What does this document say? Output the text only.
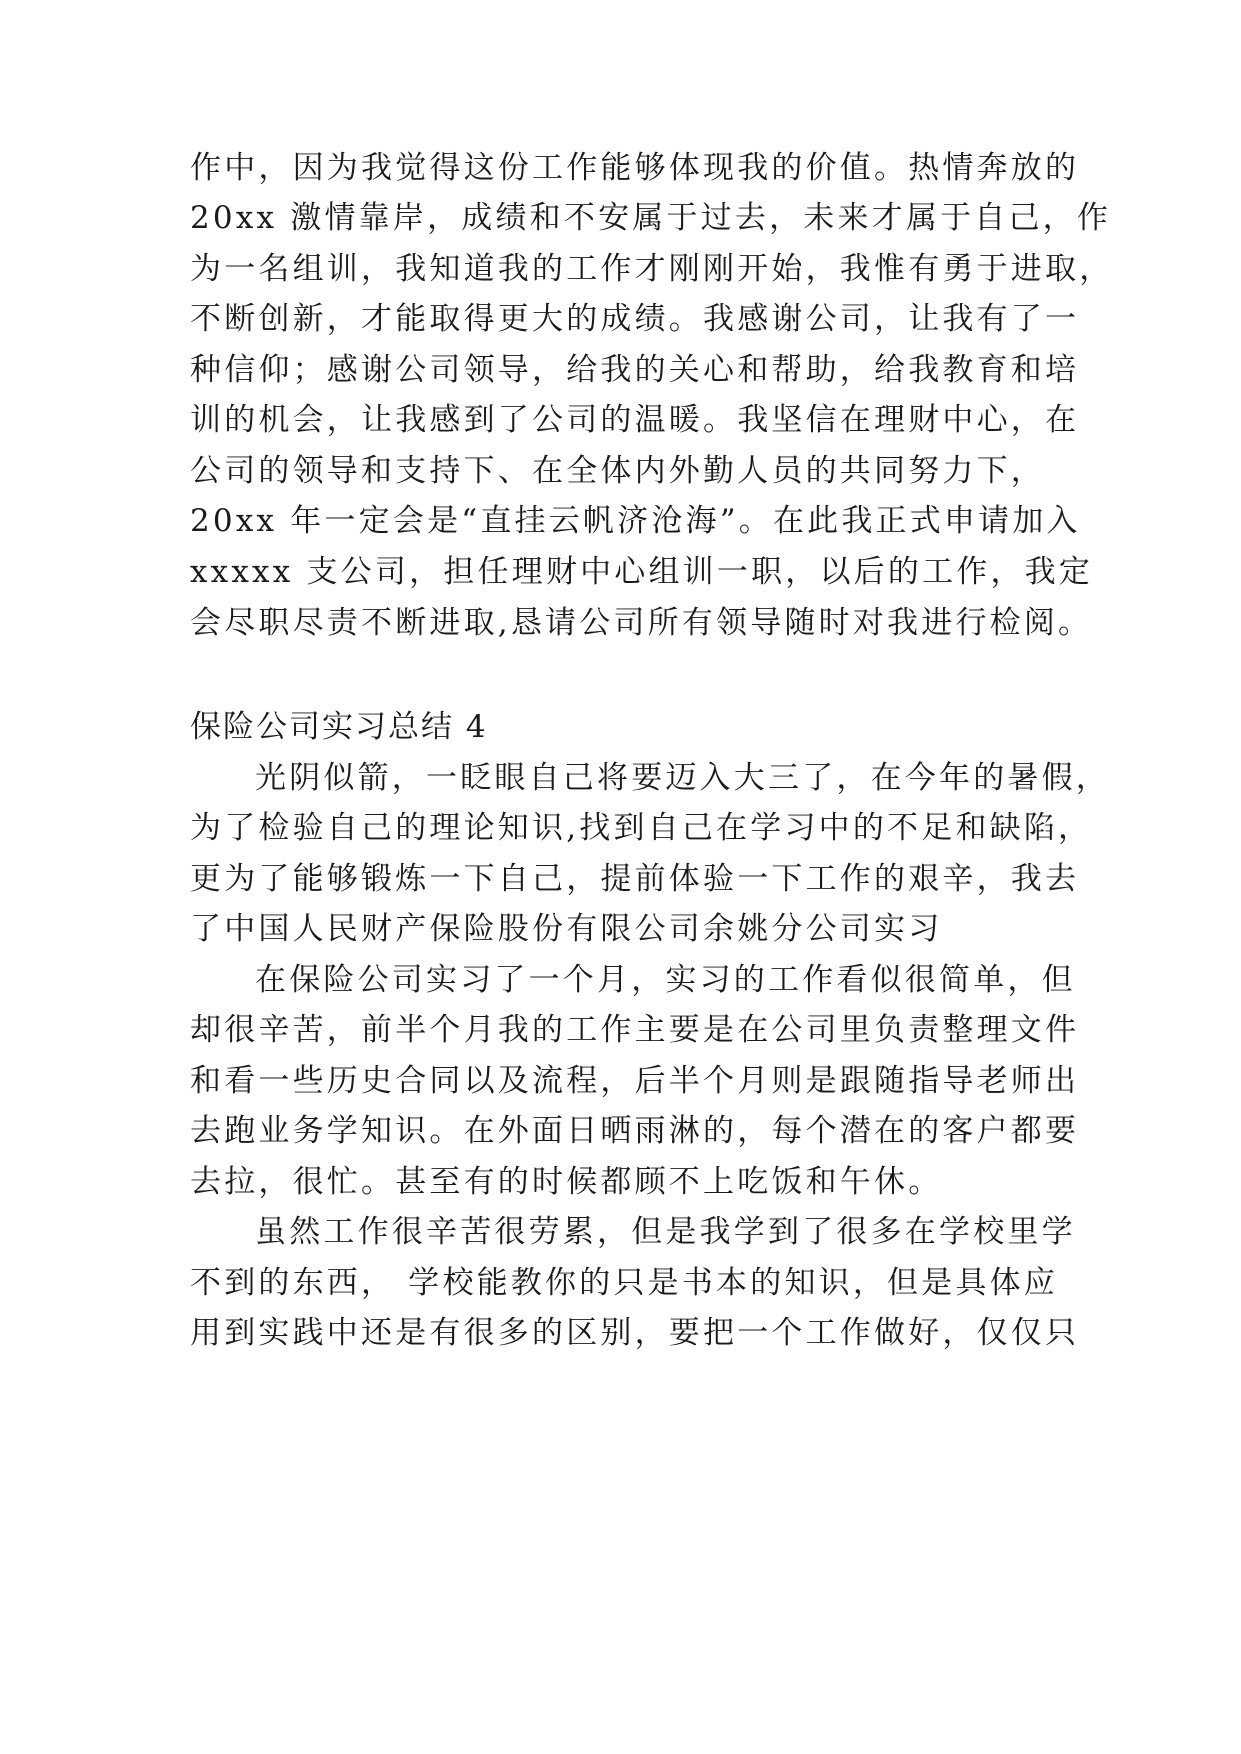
作中，因为我觉得这份工作能够体现我的价值。热情奔放的
20xx 激情靠岸，成绩和不安属于过去，未来才属于自己，作
为一名组训，我知道我的工作才刚刚开始，我惟有勇于进取，
不断创新，才能取得更大的成绩。我感谢公司，让我有了一
种信仰；感谢公司领导，给我的关心和帮助，给我教育和培
训的机会，让我感到了公司的温暖。我坚信在理财中心，在
公司的领导和支持下、在全体内外勤人员的共同努力下，
20xx 年一定会是“直挂云帆济沧海”。在此我正式申请加入
xxxxx 支公司，担任理财中心组训一职，以后的工作，我定
会尽职尽责不断进取,恳请公司所有领导随时对我进行检阅。
保险公司实习总结 4
光阴似箭，一眨眼自己将要迈入大三了，在今年的暑假，
为了检验自己的理论知识,找到自己在学习中的不足和缺陷，
更为了能够锻炼一下自己，提前体验一下工作的艰辛，我去
了中国人民财产保险股份有限公司余姚分公司实习
在保险公司实习了一个月，实习的工作看似很简单，但
却很辛苦，前半个月我的工作主要是在公司里负责整理文件
和看一些历史合同以及流程，后半个月则是跟随指导老师出
去跑业务学知识。在外面日晒雨淋的，每个潜在的客户都要
去拉，很忙。甚至有的时候都顾不上吃饭和午休。
虽然工作很辛苦很劳累，但是我学到了很多在学校里学
不到的东西， 学校能教你的只是书本的知识，但是具体应
用到实践中还是有很多的区别，要把一个工作做好，仅仅只
